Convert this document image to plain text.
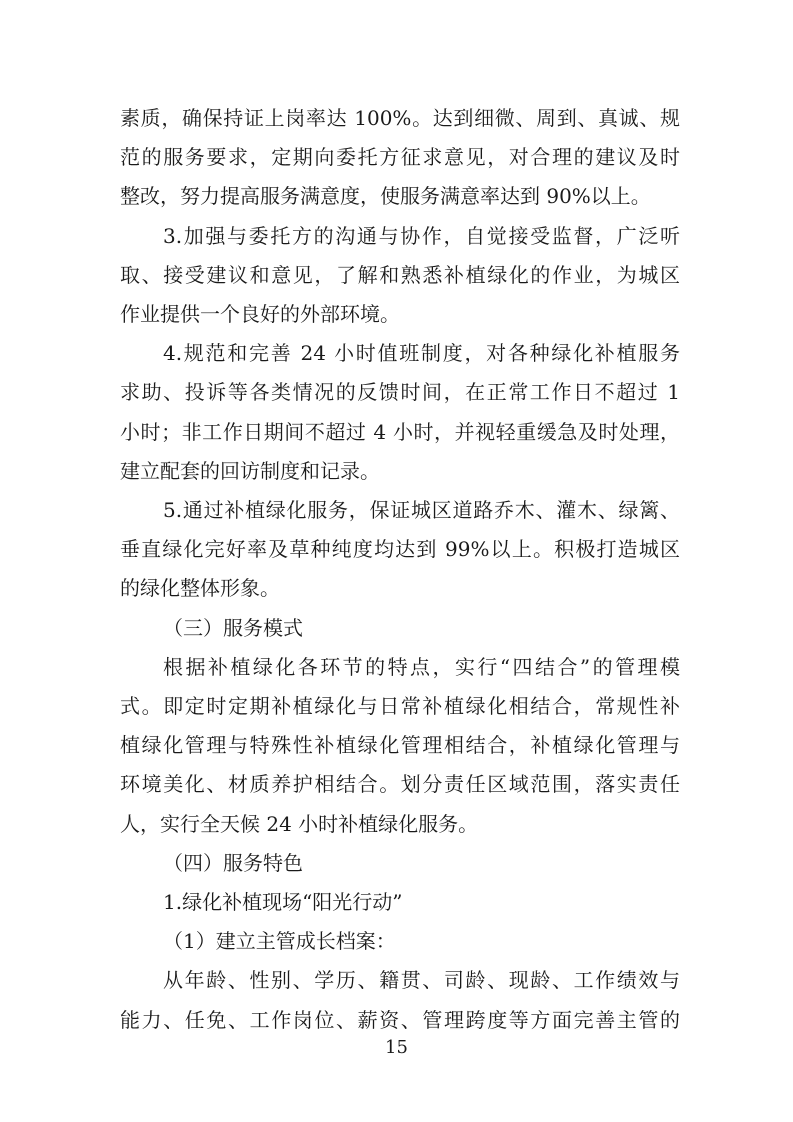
素质，确保持证上岗率达 100%。达到细微、周到、真诚、规
范的服务要求，定期向委托方征求意见，对合理的建议及时
整改，努力提高服务满意度，使服务满意率达到 90%以上。
3.加强与委托方的沟通与协作，自觉接受监督，广泛听
取、接受建议和意见，了解和熟悉补植绿化的作业，为城区
作业提供一个良好的外部环境。
4.规范和完善 24 小时值班制度，对各种绿化补植服务
求助、投诉等各类情况的反馈时间，在正常工作日不超过 1
小时；非工作日期间不超过 4 小时，并视轻重缓急及时处理，
建立配套的回访制度和记录。
5.通过补植绿化服务，保证城区道路乔木、灌木、绿篱、
垂直绿化完好率及草种纯度均达到 99%以上。积极打造城区
的绿化整体形象。
（三）服务模式
根据补植绿化各环节的特点，实行“四结合”的管理模
式。即定时定期补植绿化与日常补植绿化相结合，常规性补
植绿化管理与特殊性补植绿化管理相结合，补植绿化管理与
环境美化、材质养护相结合。划分责任区域范围，落实责任
人，实行全天候 24 小时补植绿化服务。
（四）服务特色
1.绿化补植现场“阳光行动”
（1）建立主管成长档案：
从年龄、性别、学历、籍贯、司龄、现龄、工作绩效与
能力、任免、工作岗位、薪资、管理跨度等方面完善主管的
15
